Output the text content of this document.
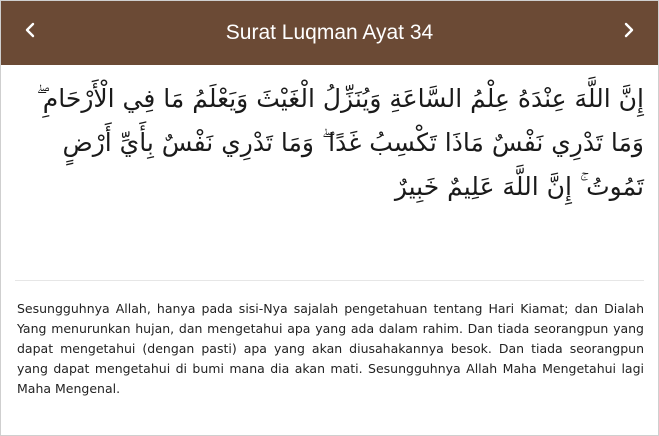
Surat Luqman Ayat 34

إِنَّ اللَّهَ عِنْدَهُ عِلْمُ السَّاعَةِ وَيُنَزِّلُ الْغَيْثَ وَيَعْلَمُ مَا فِي الْأَرْحَامِ ۖ وَمَا تَدْرِي نَفْسٌ مَاذَا تَكْسِبُ غَدًا ۖ وَمَا تَدْرِي نَفْسٌ بِأَيِّ أَرْضٍ تَمُوتُ ۚ إِنَّ اللَّهَ عَلِيمٌ خَبِيرٌ

Sesungguhnya Allah, hanya pada sisi-Nya sajalah pengetahuan tentang Hari Kiamat; dan Dialah Yang menurunkan hujan, dan mengetahui apa yang ada dalam rahim. Dan tiada seorangpun yang dapat mengetahui (dengan pasti) apa yang akan diusahakannya besok. Dan tiada seorangpun yang dapat mengetahui di bumi mana dia akan mati. Sesungguhnya Allah Maha Mengetahui lagi Maha Mengenal.
